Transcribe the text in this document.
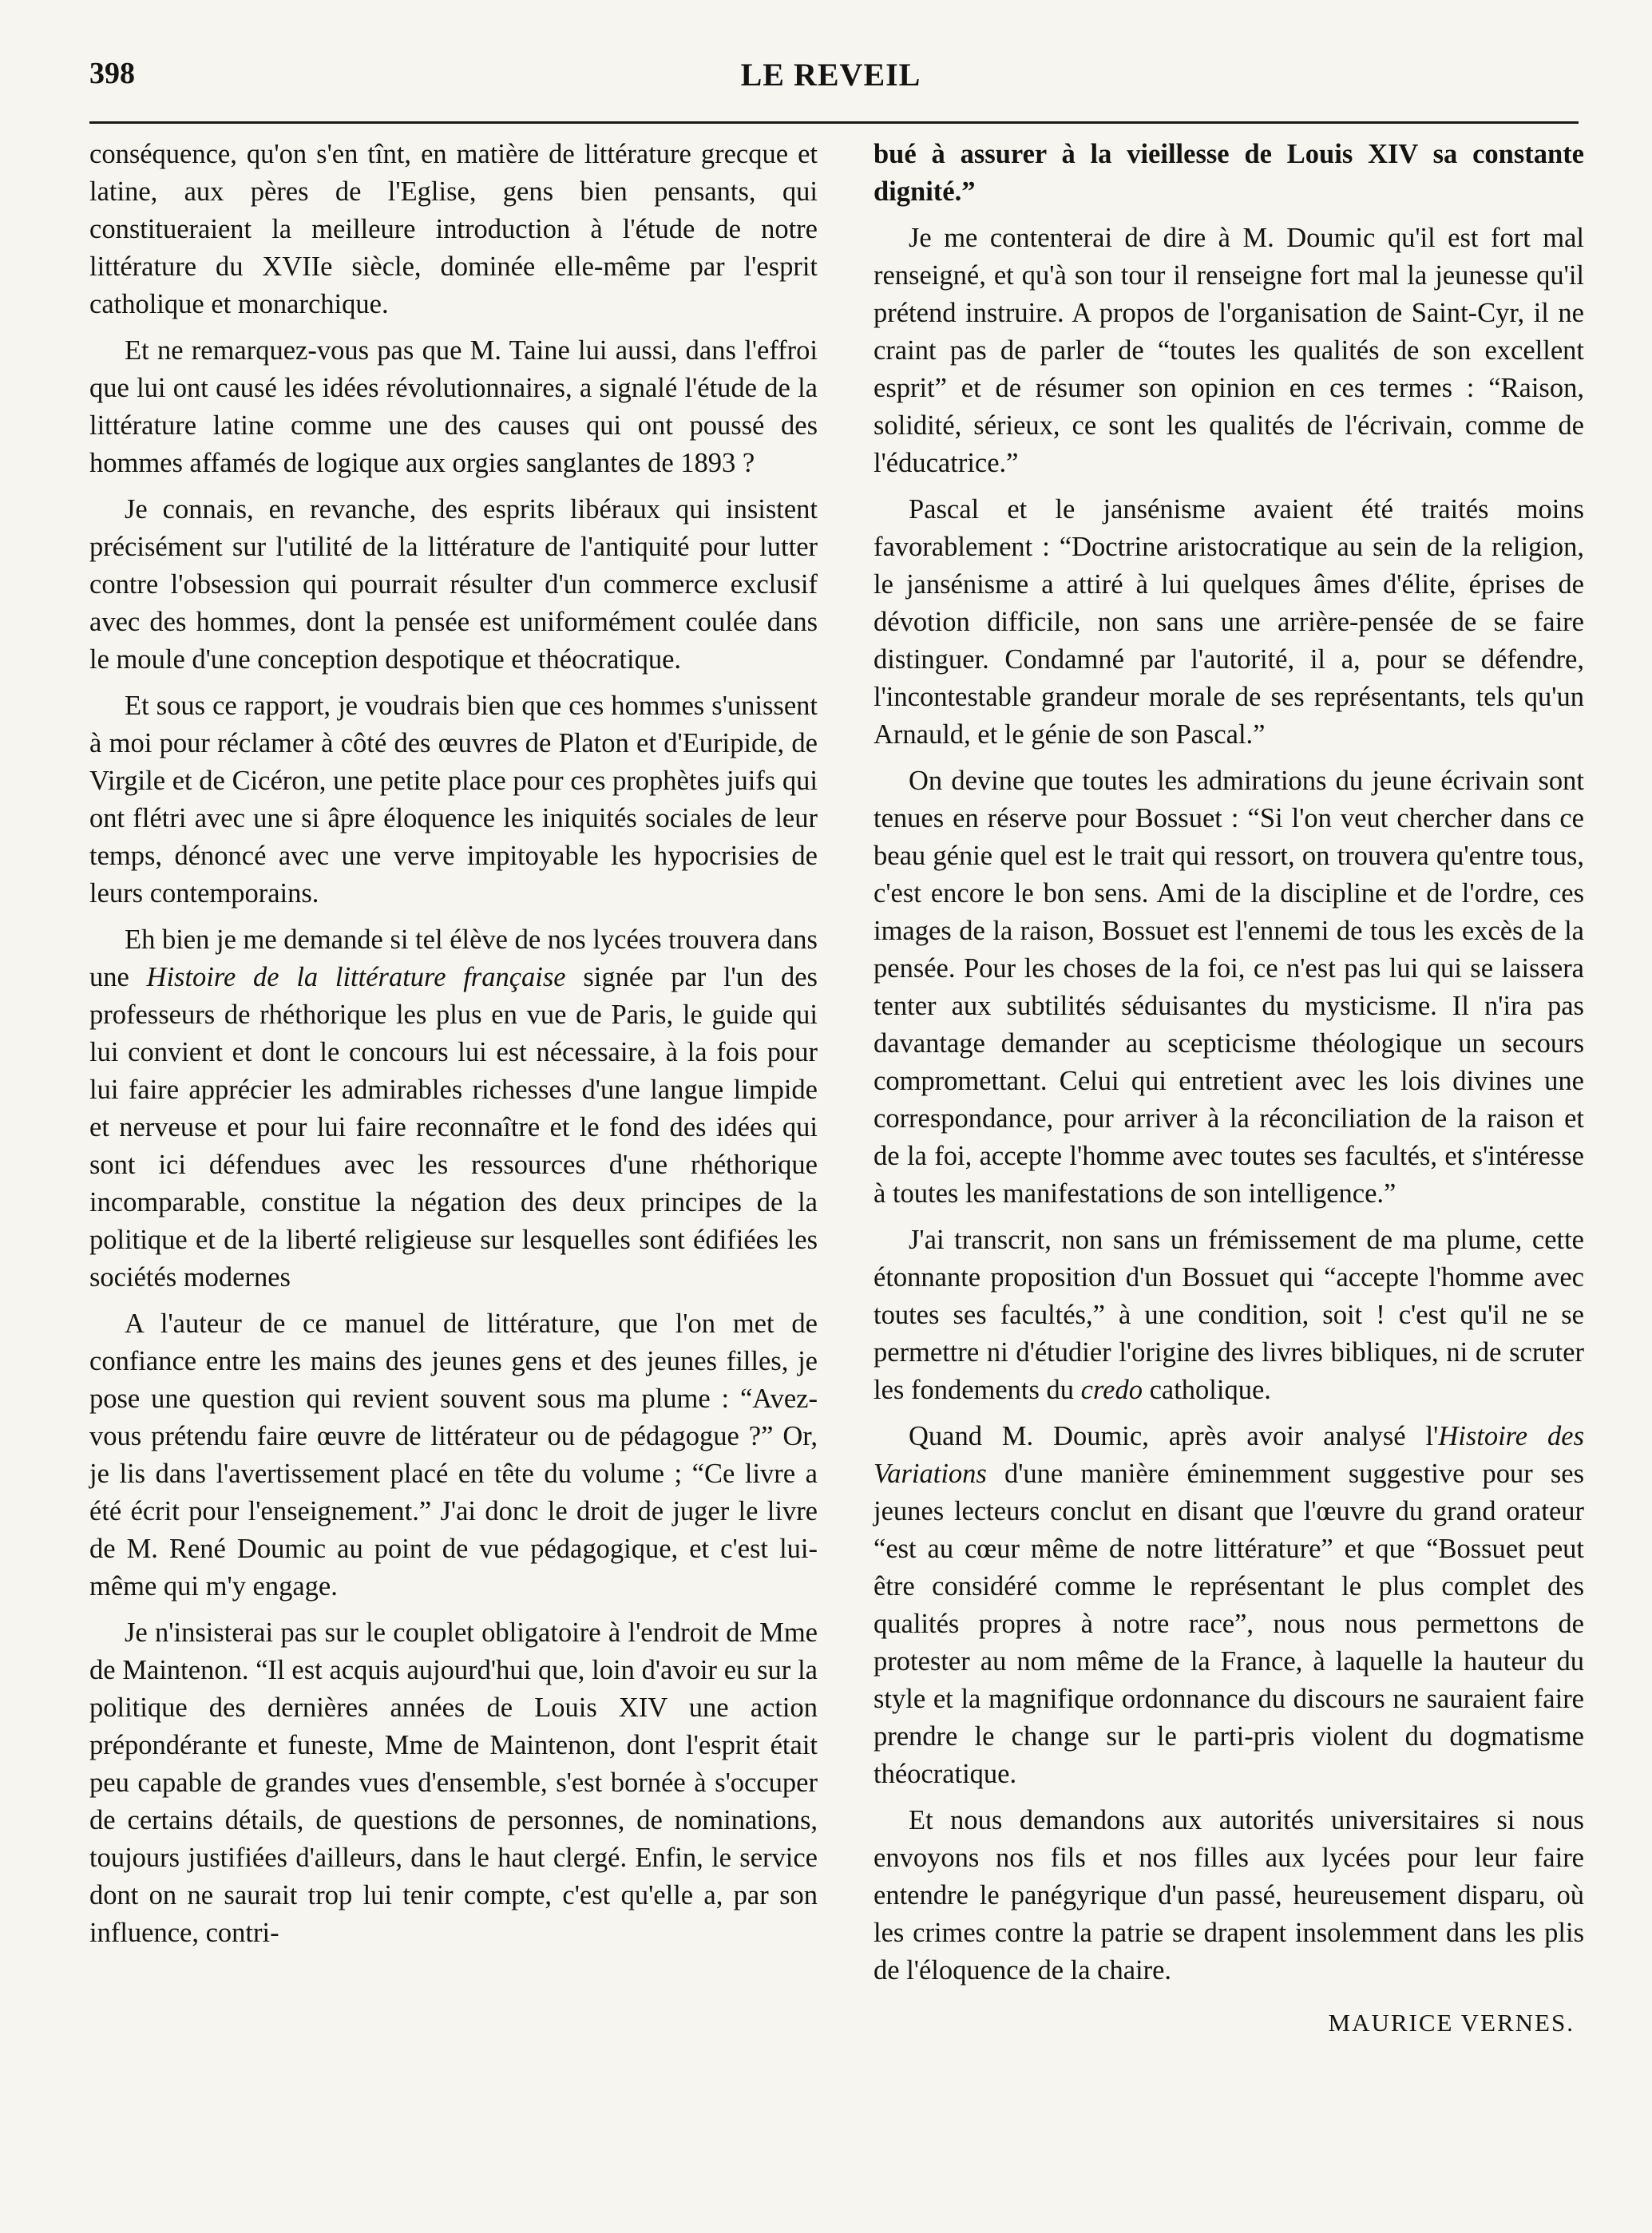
398	LE REVEIL

conséquence, qu'on s'en tînt, en matière de littérature grecque et latine, aux pères de l'Eglise, gens bien pensants, qui constitueraient la meilleure introduction à l'étude de notre littérature du XVIIe siècle, dominée elle-même par l'esprit catholique et monarchique.

Et ne remarquez-vous pas que M. Taine lui aussi, dans l'effroi que lui ont causé les idées révolutionnaires, a signalé l'étude de la littérature latine comme une des causes qui ont poussé des hommes affamés de logique aux orgies sanglantes de 1893 ?

Je connais, en revanche, des esprits libéraux qui insistent précisément sur l'utilité de la littérature de l'antiquité pour lutter contre l'obsession qui pourrait résulter d'un commerce exclusif avec des hommes, dont la pensée est uniformément coulée dans le moule d'une conception despotique et théocratique.

Et sous ce rapport, je voudrais bien que ces hommes s'unissent à moi pour réclamer à côté des œuvres de Platon et d'Euripide, de Virgile et de Cicéron, une petite place pour ces prophètes juifs qui ont flétri avec une si âpre éloquence les iniquités sociales de leur temps, dénoncé avec une verve impitoyable les hypocrisies de leurs contemporains.

Eh bien je me demande si tel élève de nos lycées trouvera dans une Histoire de la littérature française signée par l'un des professeurs de rhéthorique les plus en vue de Paris, le guide qui lui convient et dont le concours lui est nécessaire, à la fois pour lui faire apprécier les admirables richesses d'une langue limpide et nerveuse et pour lui faire reconnaître et le fond des idées qui sont ici défendues avec les ressources d'une rhéthorique incomparable, constitue la négation des deux principes de la politique et de la liberté religieuse sur lesquelles sont édifiées les sociétés modernes

A l'auteur de ce manuel de littérature, que l'on met de confiance entre les mains des jeunes gens et des jeunes filles, je pose une question qui revient souvent sous ma plume : “Avez-vous prétendu faire œuvre de littérateur ou de pédagogue ?” Or, je lis dans l'avertissement placé en tête du volume ; “Ce livre a été écrit pour l'enseignement.” J'ai donc le droit de juger le livre de M. René Doumic au point de vue pédagogique, et c'est lui-même qui m'y engage.

Je n'insisterai pas sur le couplet obligatoire à l'endroit de Mme de Maintenon. “Il est acquis aujourd'hui que, loin d'avoir eu sur la politique des dernières années de Louis XIV une action prépondérante et funeste, Mme de Maintenon, dont l'esprit était peu capable de grandes vues d'ensemble, s'est bornée à s'occuper de certains détails, de questions de personnes, de nominations, toujours justifiées d'ailleurs, dans le haut clergé. Enfin, le service dont on ne saurait trop lui tenir compte, c'est qu'elle a, par son influence, contri-

bué à assurer à la vieillesse de Louis XIV sa constante dignité.”

Je me contenterai de dire à M. Doumic qu'il est fort mal renseigné, et qu'à son tour il renseigne fort mal la jeunesse qu'il prétend instruire. A propos de l'organisation de Saint-Cyr, il ne craint pas de parler de “toutes les qualités de son excellent esprit” et de résumer son opinion en ces termes : “Raison, solidité, sérieux, ce sont les qualités de l'écrivain, comme de l'éducatrice.”

Pascal et le jansénisme avaient été traités moins favorablement : “Doctrine aristocratique au sein de la religion, le jansénisme a attiré à lui quelques âmes d'élite, éprises de dévotion difficile, non sans une arrière-pensée de se faire distinguer. Condamné par l'autorité, il a, pour se défendre, l'incontestable grandeur morale de ses représentants, tels qu'un Arnauld, et le génie de son Pascal.”

On devine que toutes les admirations du jeune écrivain sont tenues en réserve pour Bossuet : “Si l'on veut chercher dans ce beau génie quel est le trait qui ressort, on trouvera qu'entre tous, c'est encore le bon sens. Ami de la discipline et de l'ordre, ces images de la raison, Bossuet est l'ennemi de tous les excès de la pensée. Pour les choses de la foi, ce n'est pas lui qui se laissera tenter aux subtilités séduisantes du mysticisme. Il n'ira pas davantage demander au scepticisme théologique un secours compromettant. Celui qui entretient avec les lois divines une correspondance, pour arriver à la réconciliation de la raison et de la foi, accepte l'homme avec toutes ses facultés, et s'intéresse à toutes les manifestations de son intelligence.”

J'ai transcrit, non sans un frémissement de ma plume, cette étonnante proposition d'un Bossuet qui “accepte l'homme avec toutes ses facultés,” à une condition, soit ! c'est qu'il ne se permettre ni d'étudier l'origine des livres bibliques, ni de scruter les fondements du credo catholique.

Quand M. Doumic, après avoir analysé l'Histoire des Variations d'une manière éminemment suggestive pour ses jeunes lecteurs conclut en disant que l'œuvre du grand orateur “est au cœur même de notre littérature” et que “Bossuet peut être considéré comme le représentant le plus complet des qualités propres à notre race”, nous nous permettons de protester au nom même de la France, à laquelle la hauteur du style et la magnifique ordonnance du discours ne sauraient faire prendre le change sur le parti-pris violent du dogmatisme théocratique.

Et nous demandons aux autorités universitaires si nous envoyons nos fils et nos filles aux lycées pour leur faire entendre le panégyrique d'un passé, heureusement disparu, où les crimes contre la patrie se drapent insolemment dans les plis de l'éloquence de la chaire.

MAURICE VERNES.
